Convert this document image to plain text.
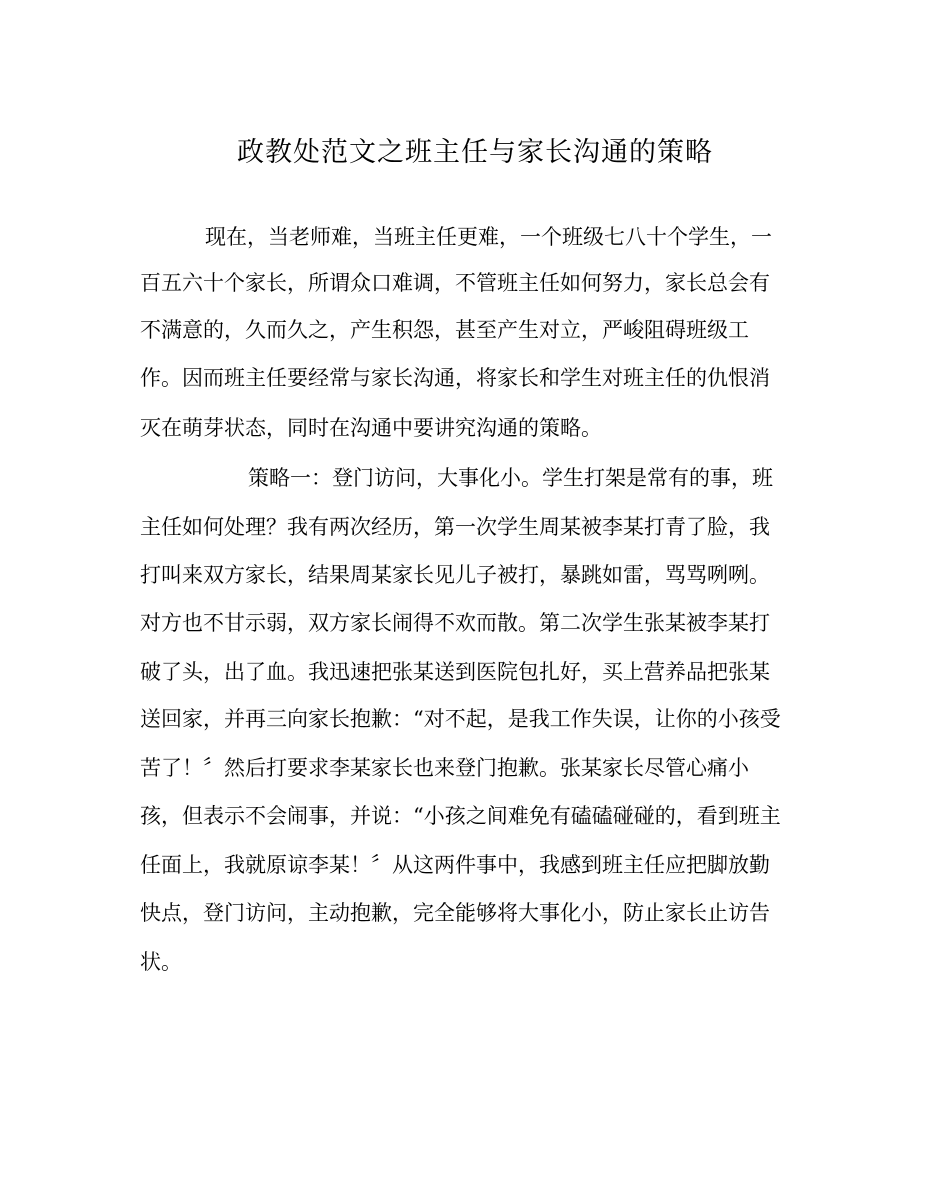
政教处范文之班主任与家长沟通的策略

现在，当老师难，当班主任更难，一个班级七八十个学生，一

百五六十个家长，所谓众口难调，不管班主任如何努力，家长总会有

不满意的，久而久之，产生积怨，甚至产生对立，严峻阻碍班级工

作。因而班主任要经常与家长沟通，将家长和学生对班主任的仇恨消

灭在萌芽状态，同时在沟通中要讲究沟通的策略。

策略一：登门访问，大事化小。学生打架是常有的事，班

主任如何处理？我有两次经历，第一次学生周某被李某打青了脸，我

打叫来双方家长，结果周某家长见儿子被打，暴跳如雷，骂骂咧咧。

对方也不甘示弱，双方家长闹得不欢而散。第二次学生张某被李某打

破了头，出了血。我迅速把张某送到医院包扎好，买上营养品把张某

送回家，并再三向家长抱歉：“对不起，是我工作失误，让你的小孩受

苦了！〞然后打要求李某家长也来登门抱歉。张某家长尽管心痛小

孩，但表示不会闹事，并说：“小孩之间难免有磕磕碰碰的，看到班主

任面上，我就原谅李某！〞从这两件事中，我感到班主任应把脚放勤

快点，登门访问，主动抱歉，完全能够将大事化小，防止家长止访告

状。
